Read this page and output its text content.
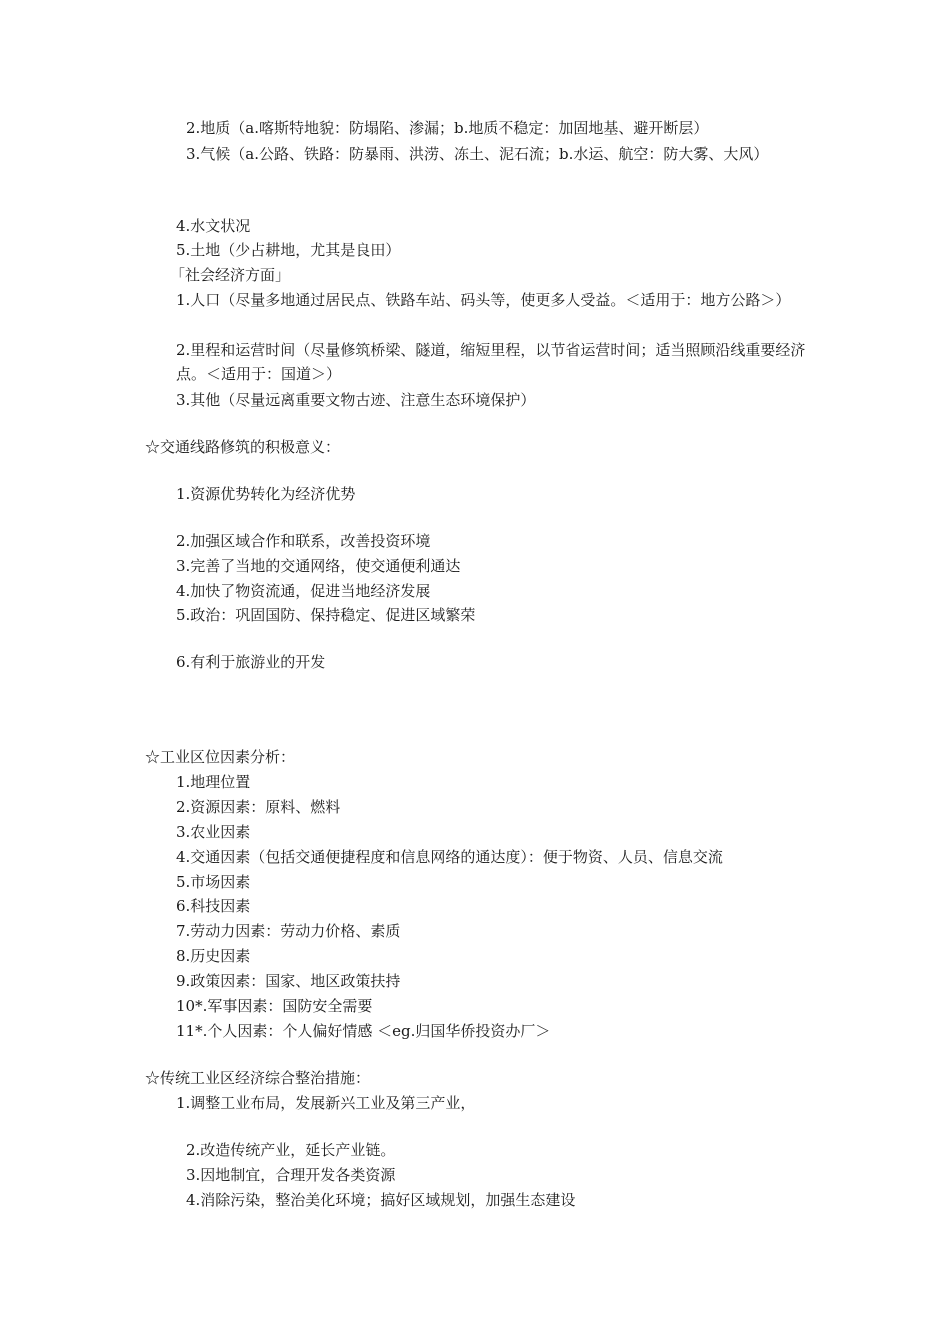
2.地质（a.喀斯特地貌：防塌陷、渗漏；b.地质不稳定：加固地基、避开断层）
3.气候（a.公路、铁路：防暴雨、洪涝、冻土、泥石流；b.水运、航空：防大雾、大风）
4.水文状况
5.土地（少占耕地，尤其是良田）
「社会经济方面」
1.人口（尽量多地通过居民点、铁路车站、码头等，使更多人受益。＜适用于：地方公路＞）
2.里程和运营时间（尽量修筑桥梁、隧道，缩短里程，以节省运营时间；适当照顾沿线重要经济点。＜适用于：国道＞）
3.其他（尽量远离重要文物古迹、注意生态环境保护）
☆交通线路修筑的积极意义：
1.资源优势转化为经济优势
2.加强区域合作和联系，改善投资环境
3.完善了当地的交通网络，使交通便利通达
4.加快了物资流通，促进当地经济发展
5.政治：巩固国防、保持稳定、促进区域繁荣
6.有利于旅游业的开发
☆工业区位因素分析：
1.地理位置
2.资源因素：原料、燃料
3.农业因素
4.交通因素（包括交通便捷程度和信息网络的通达度）：便于物资、人员、信息交流
5.市场因素
6.科技因素
7.劳动力因素：劳动力价格、素质
8.历史因素
9.政策因素：国家、地区政策扶持
10*.军事因素：国防安全需要
11*.个人因素：个人偏好情感 ＜eg.归国华侨投资办厂＞
☆传统工业区经济综合整治措施：
1.调整工业布局，发展新兴工业及第三产业，
2.改造传统产业，延长产业链。
3.因地制宜，合理开发各类资源
4.消除污染，整治美化环境；搞好区域规划，加强生态建设
